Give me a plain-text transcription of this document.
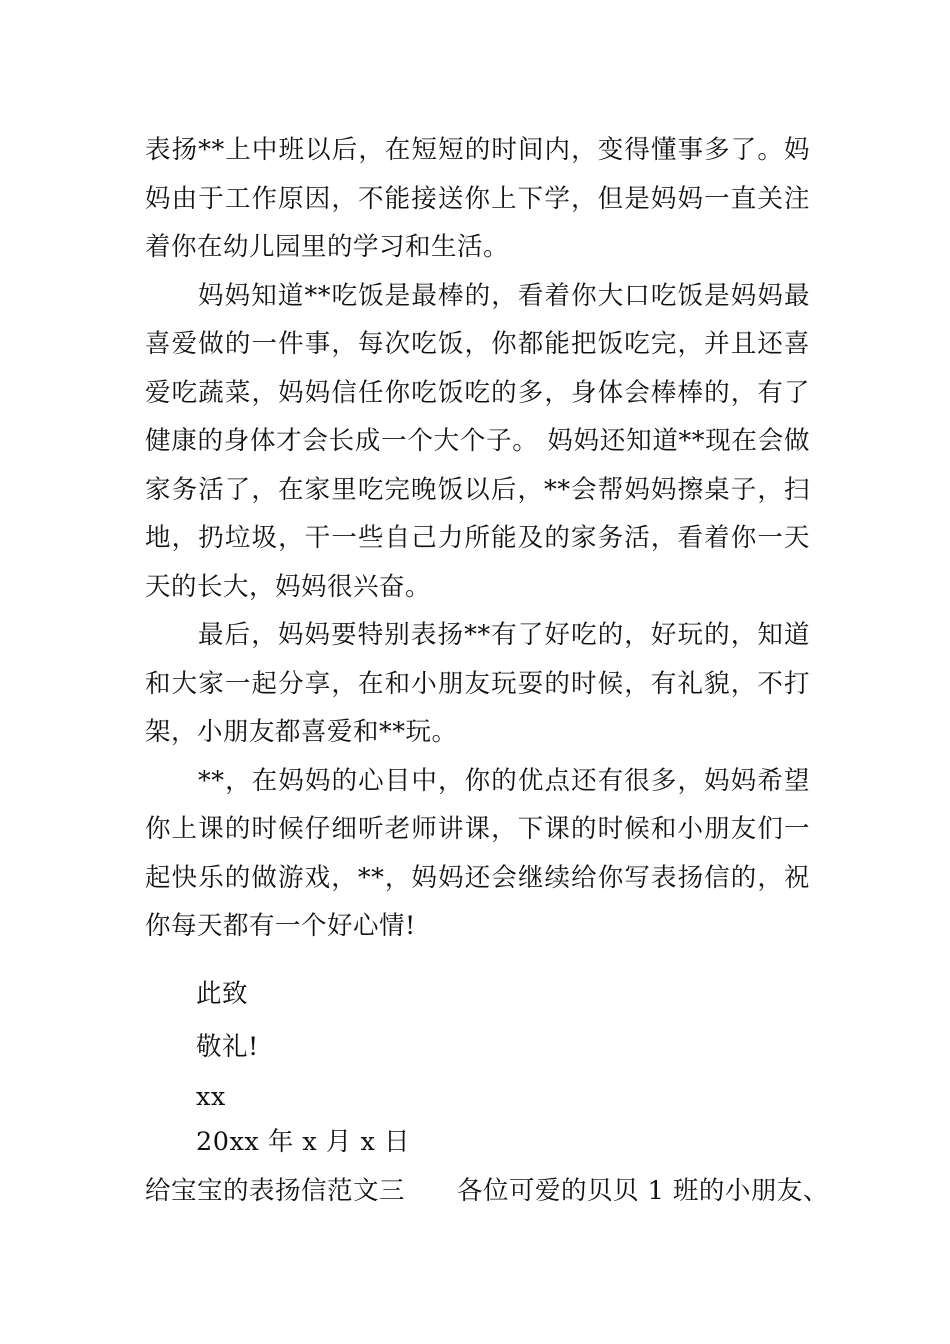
表扬**上中班以后，在短短的时间内，变得懂事多了。妈妈由于工作原因，不能接送你上下学，但是妈妈一直关注着你在幼儿园里的学习和生活。

妈妈知道**吃饭是最棒的，看着你大口吃饭是妈妈最喜爱做的一件事，每次吃饭，你都能把饭吃完，并且还喜爱吃蔬菜，妈妈信任你吃饭吃的多，身体会棒棒的，有了健康的身体才会长成一个大个子。 妈妈还知道**现在会做家务活了，在家里吃完晚饭以后，**会帮妈妈擦桌子，扫地，扔垃圾，干一些自己力所能及的家务活，看着你一天天的长大，妈妈很兴奋。

最后，妈妈要特别表扬**有了好吃的，好玩的，知道和大家一起分享，在和小朋友玩耍的时候，有礼貌，不打架，小朋友都喜爱和**玩。

**，在妈妈的心目中，你的优点还有很多，妈妈希望你上课的时候仔细听老师讲课，下课的时候和小朋友们一起快乐的做游戏，**，妈妈还会继续给你写表扬信的，祝你每天都有一个好心情!

此致
敬礼!
xx
20xx 年 x 月 x 日
给宝宝的表扬信范文三　　各位可爱的贝贝 1 班的小朋友、
